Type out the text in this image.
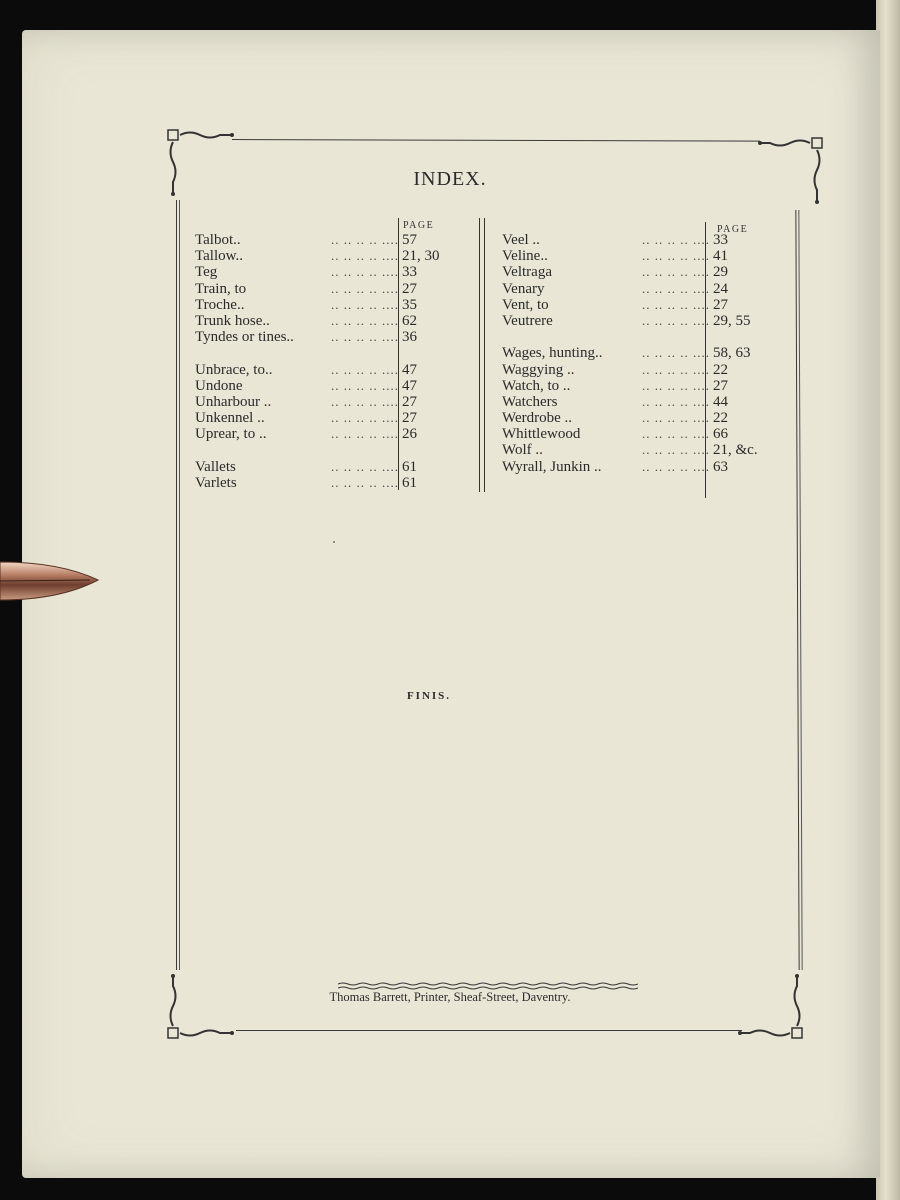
INDEX.
PAGE
Talbot..	.. .. .. .. .... 57
Tallow..	.. .. .. .. .... 21, 30
Teg	.. .. .. .. .... 33
Train, to	.. .. .. .. .... 27
Troche..	.. .. .. .. .... 35
Trunk hose..	.. .. .. .. .... 62
Tyndes or tines..	.. .. .. .. .... 36
Unbrace, to..	.. .. .. .. .... 47
Undone	.. .. .. .. .... 47
Unharbour ..	.. .. .. .. .... 27
Unkennel ..	.. .. .. .. .... 27
Uprear, to ..	.. .. .. .. .... 26
Vallets	.. .. .. .. .... 61
Varlets	.. .. .. .. .... 61
PAGE
Veel ..	.. .. .. .. .... 33
Veline..	.. .. .. .. .... 41
Veltraga	.. .. .. .. .... 29
Venary	.. .. .. .. .... 24
Vent, to	.. .. .. .. .... 27
Veutrere	.. .. .. .. .... 29, 55
Wages, hunting..	.. .. .. .. .... 58, 63
Waggying ..	.. .. .. .. .... 22
Watch, to ..	.. .. .. .. .... 27
Watchers	.. .. .. .. .... 44
Werdrobe ..	.. .. .. .. .... 22
Whittlewood	.. .. .. .. .... 66
Wolf ..	.. .. .. .. .... 21, &c.
Wyrall, Junkin ..	.. .. .. .. .... 63
FINIS.
Thomas Barrett, Printer, Sheaf-Street, Daventry.
